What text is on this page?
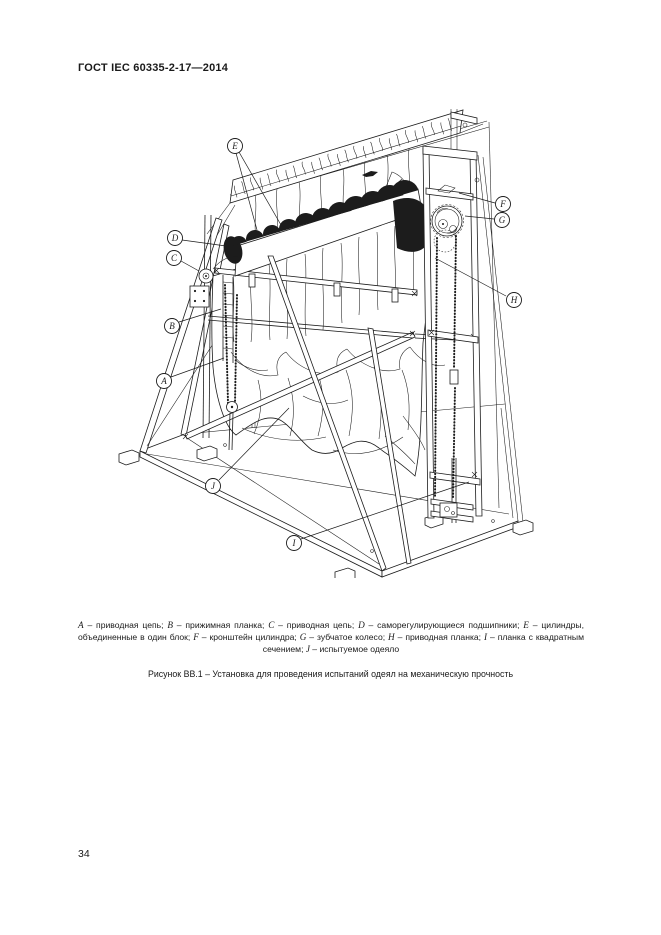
ГОСТ IEC 60335-2-17—2014
A
B
C
D
E
F
G
H
I
J

A – приводная цепь; B – прижимная планка; C – приводная цепь; D – саморегулирующиеся подшипники; E – цилиндры, объединенные в один блок; F – кронштейн цилиндра; G – зубчатое колесо; H – приводная планка; I – планка с квадратным сечением; J – испытуемое одеяло

Рисунок ВВ.1 – Установка для проведения испытаний одеял на механическую прочность

34
